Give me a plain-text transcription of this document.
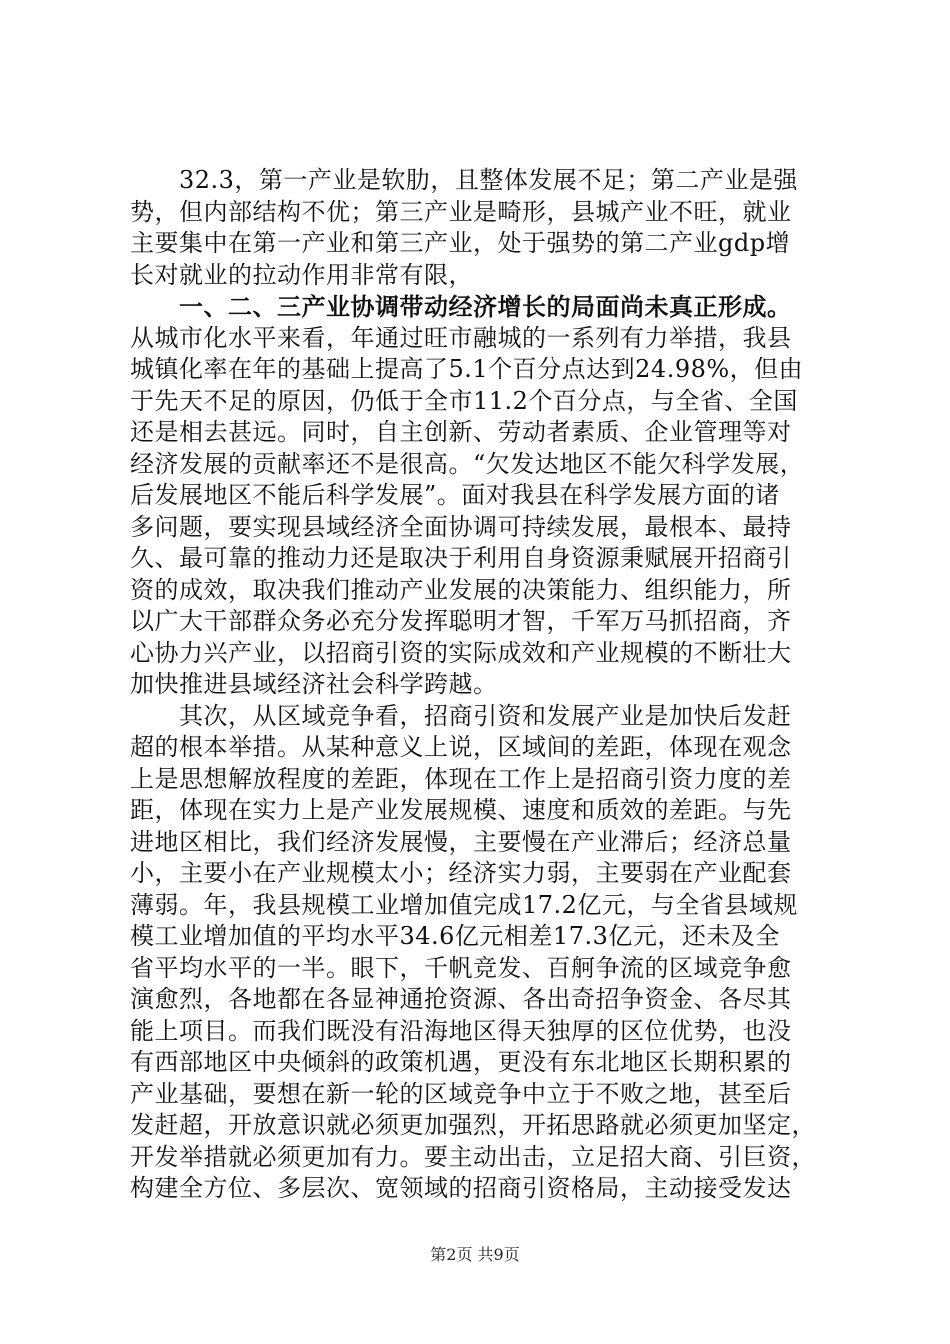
　　32.3，第一产业是软肋，且整体发展不足；第二产业是强
势，但内部结构不优；第三产业是畸形，县城产业不旺，就业
主要集中在第一产业和第三产业，处于强势的第二产业gdp增
长对就业的拉动作用非常有限，
　　一、二、三产业协调带动经济增长的局面尚未真正形成。
从城市化水平来看，年通过旺市融城的一系列有力举措，我县
城镇化率在年的基础上提高了5.1个百分点达到24.98%，但由
于先天不足的原因，仍低于全市11.2个百分点，与全省、全国
还是相去甚远。同时，自主创新、劳动者素质、企业管理等对
经济发展的贡献率还不是很高。“欠发达地区不能欠科学发展，
后发展地区不能后科学发展”。面对我县在科学发展方面的诸
多问题，要实现县域经济全面协调可持续发展，最根本、最持
久、最可靠的推动力还是取决于利用自身资源秉赋展开招商引
资的成效，取决我们推动产业发展的决策能力、组织能力，所
以广大干部群众务必充分发挥聪明才智，千军万马抓招商，齐
心协力兴产业，以招商引资的实际成效和产业规模的不断壮大
加快推进县域经济社会科学跨越。
　　其次，从区域竞争看，招商引资和发展产业是加快后发赶
超的根本举措。从某种意义上说，区域间的差距，体现在观念
上是思想解放程度的差距，体现在工作上是招商引资力度的差
距，体现在实力上是产业发展规模、速度和质效的差距。与先
进地区相比，我们经济发展慢，主要慢在产业滞后；经济总量
小，主要小在产业规模太小；经济实力弱，主要弱在产业配套
薄弱。年，我县规模工业增加值完成17.2亿元，与全省县域规
模工业增加值的平均水平34.6亿元相差17.3亿元，还未及全
省平均水平的一半。眼下，千帆竞发、百舸争流的区域竞争愈
演愈烈，各地都在各显神通抢资源、各出奇招争资金、各尽其
能上项目。而我们既没有沿海地区得天独厚的区位优势，也没
有西部地区中央倾斜的政策机遇，更没有东北地区长期积累的
产业基础，要想在新一轮的区域竞争中立于不败之地，甚至后
发赶超，开放意识就必须更加强烈，开拓思路就必须更加坚定，
第2页 共9页
开发举措就必须更加有力。要主动出击，立足招大商、引巨资，
构建全方位、多层次、宽领域的招商引资格局，主动接受发达
